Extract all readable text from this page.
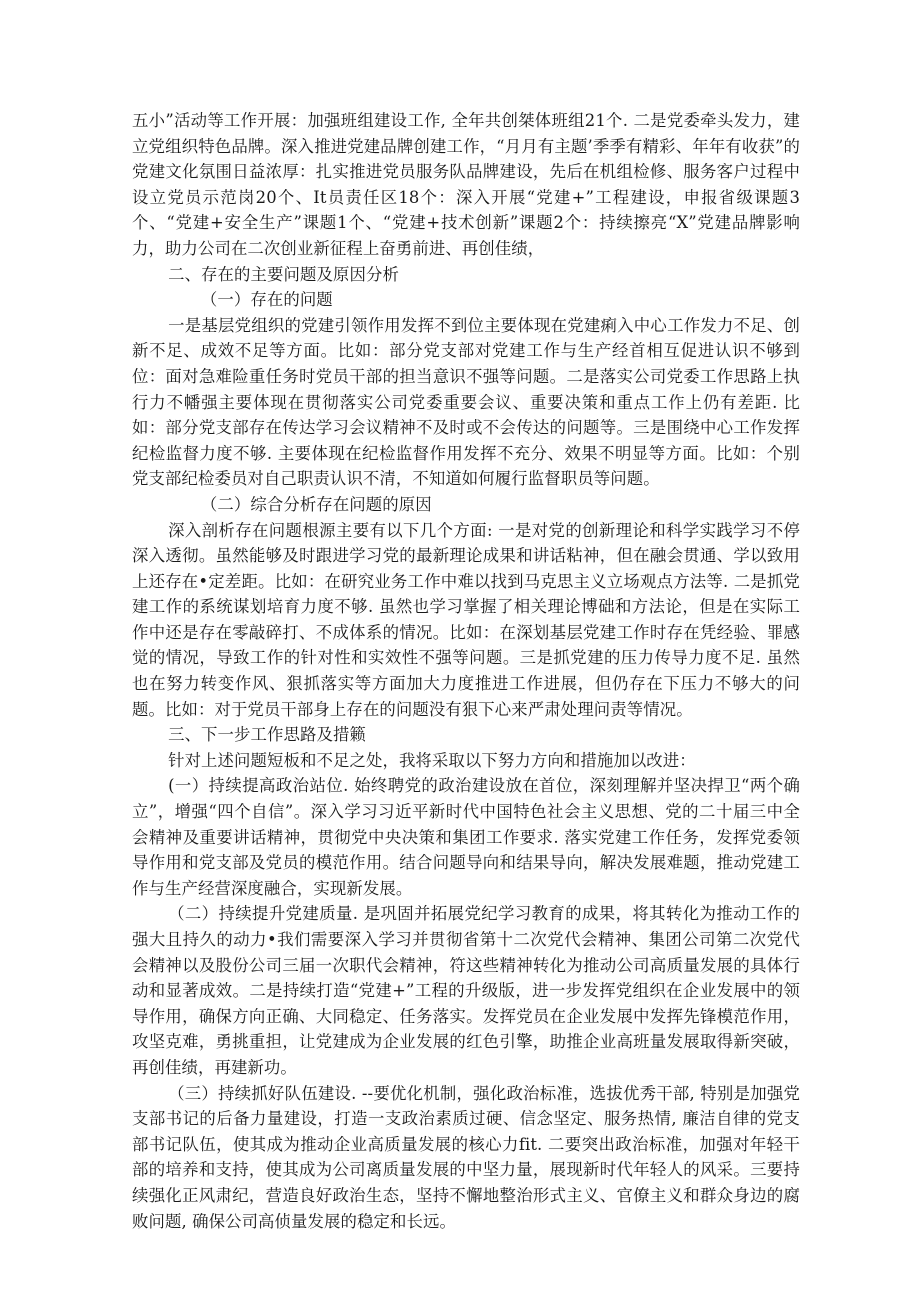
五小”活动等工作开展：加强班组建设工作, 全年共创桀体班组21个. 二是党委牵头发力，建立党组织特色品牌。深入推进党建品牌创建工作，“月月有主题’季季有精彩、年年有收获”的党建文化氛围日益浓厚：扎实推进党员服务队品牌建设，先后在机组检修、服务客户过程中设立党员示范岗20个、It员责任区18个：深入开展“党建+”工程建设，申报省级课题3个、“党建+安全生产”课题1个、“党建+技术创新”课题2个：持续擦亮“X”党建品牌影响力，助力公司在二次创业新征程上奋勇前进、再创佳绩，

二、存在的主要问题及原因分析

（一）存在的问题

一是基层党组织的党建引领作用发挥不到位主要体现在党建痢入中心工作发力不足、创新不足、成效不足等方面。比如：部分党支部对党建工作与生产经首相互促进认识不够到位：面对急难险重任务时党员干部的担当意识不强等问题。二是落实公司党委工作思路上执行力不幡强主要体现在贯彻落实公司党委重要会议、重要决策和重点工作上仍有差距. 比如：部分党支部存在传达学习会议精神不及时或不会传达的问题等。三是围绕中心工作发挥纪检监督力度不够. 主要体现在纪检监督作用发挥不充分、效果不明显等方面。比如：个别党支部纪检委员对自己职责认识不清，不知道如何履行监督职员等问题。

（二）综合分析存在问题的原因

深入剖析存在问题根源主要有以下几个方面: 一是对党的创新理论和科学实践学习不停深入透彻。虽然能够及时跟进学习党的最新理论成果和讲话粘神，但在融会贯通、学以致用上还存在•定差距。比如：在研究业务工作中难以找到马克思主义立场观点方法等. 二是抓党建工作的系统谋划培育力度不够. 虽然也学习掌握了相关理论博础和方法论，但是在实际工作中还是存在零敲碎打、不成体系的情况。比如：在深划基层党建工作时存在凭经验、罪感觉的情况，导致工作的针对性和实效性不强等问题。三是抓党建的压力传导力度不足. 虽然也在努力转变作风、狠抓落实等方面加大力度推进工作进展，但仍存在下压力不够大的问题。比如：对于党员干部身上存在的问题没有狠下心来严肃处理问责等情况。

三、下一步工作思路及措籁

针对上述问题短板和不足之处，我将采取以下努力方向和措施加以改进：

(一）持续提高政治站位. 始终聘党的政治建设放在首位，深刻理解并坚决捍卫“两个确立”，增强“四个自信”。深入学习习近平新时代中国特色社会主义思想、党的二十届三中全会精神及重要讲话精神，贯彻党中央决策和集团工作要求. 落实党建工作任务，发挥党委领导作用和党支部及党员的模范作用。结合问题导向和结果导向，解决发展难题，推动党建工作与生产经营深度融合，实现新发展。

（二）持续提升党建质量. 是巩固并拓展党纪学习教育的成果，将其转化为推动工作的强大且持久的动力•我们需要深入学习并贯彻省第十二次党代会精神、集团公司第二次党代会精神以及股份公司三届一次职代会精神，符这些精神转化为推动公司高质量发展的具体行动和显著成效。二是持续打造“党建+”工程的升级版，进一步发挥党组织在企业发展中的领导作用，确保方向正确、大同稳定、任务落实。发挥党员在企业发展中发挥先锋模范作用，攻坚克难，勇挑重担，让党建成为企业发展的红色引擎，助推企业高班量发展取得新突破，再创佳绩，再建新功。

（三）持续抓好队伍建设. --要优化机制，强化政治标准，选拔优秀干部, 特别是加强党支部书记的后备力量建设，打造一支政治素质过硬、信念坚定、服务热情, 廉洁自律的党支部书记队伍，使其成为推动企业高质量发展的核心力fit. 二要突出政治标准，加强对年轻干部的培养和支持，使其成为公司离质量发展的中坚力量，展现新时代年轻人的风采。三要持续强化正风肃纪，营造良好政治生态，坚持不懈地整治形式主义、官僚主义和群众身边的腐败问题, 确保公司高侦量发展的稳定和长远。
